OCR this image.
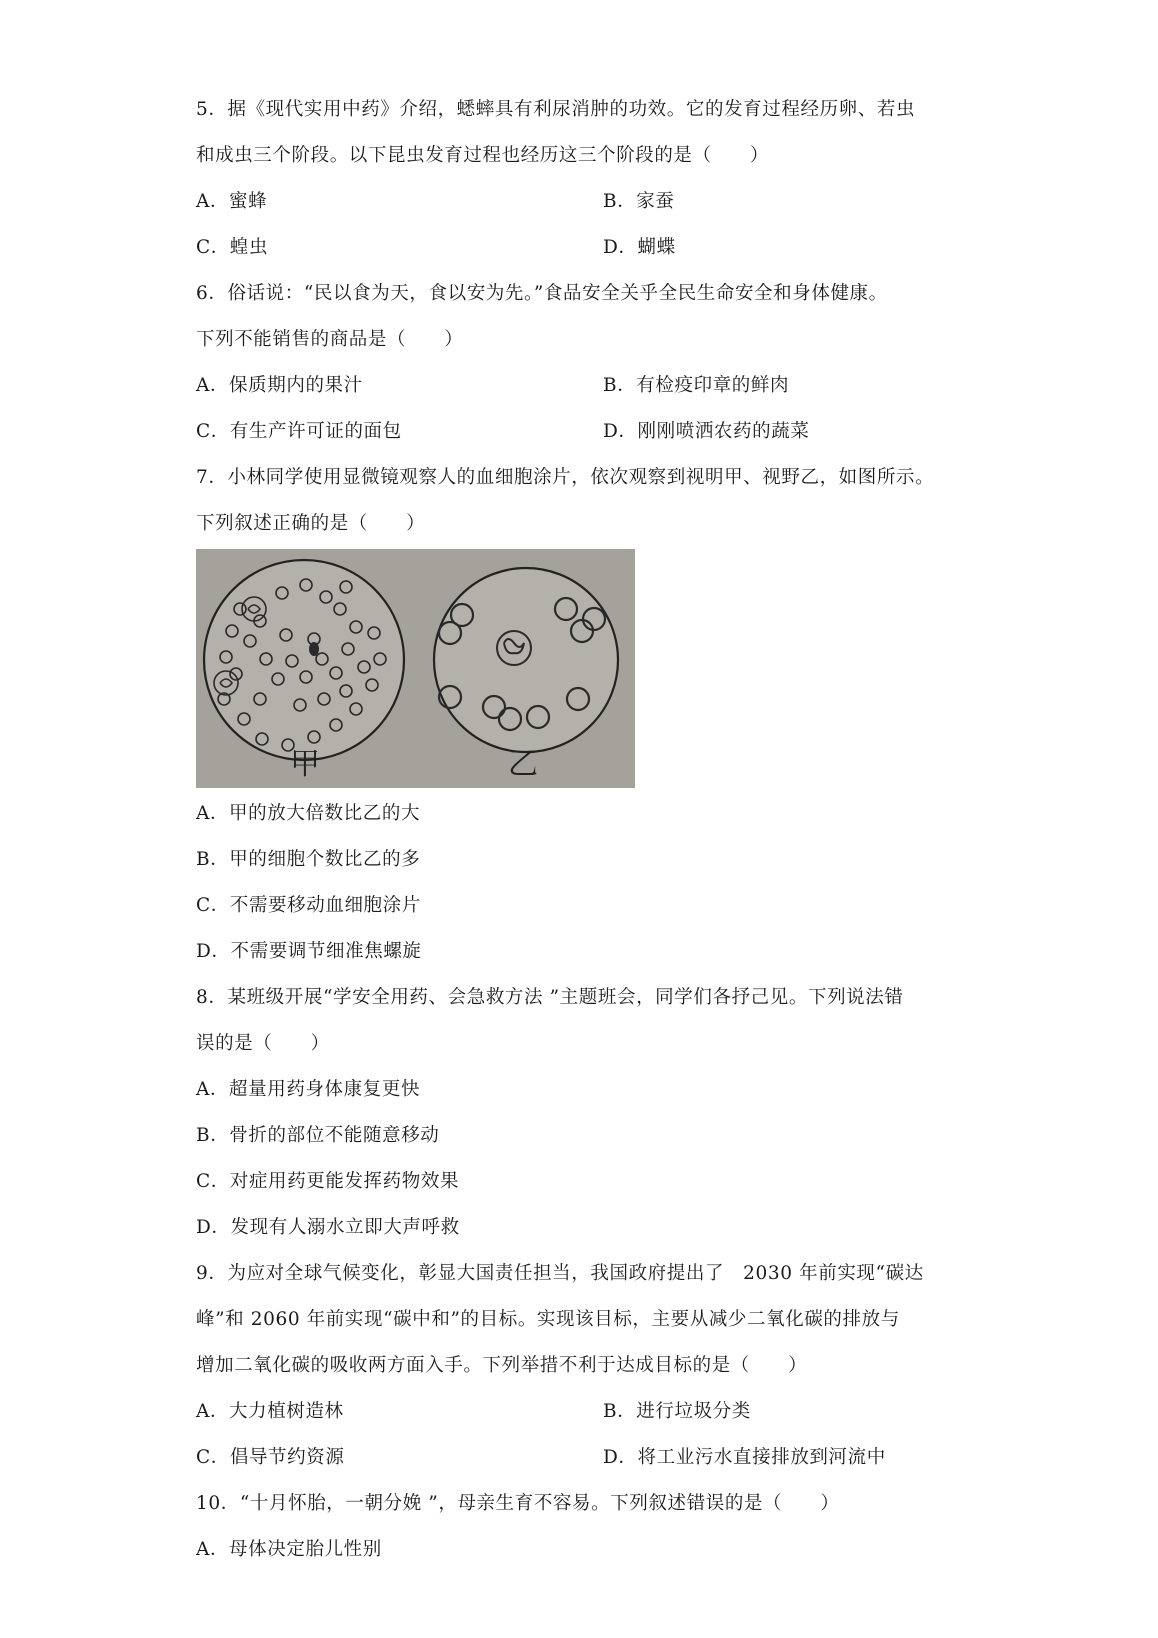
5．据《现代实用中药》介绍，蟋蟀具有利尿消肿的功效。它的发育过程经历卵、若虫
和成虫三个阶段。以下昆虫发育过程也经历这三个阶段的是（　　）
A．蜜蜂	B．家蚕
C．蝗虫	D．蝴蝶
6．俗话说：“民以食为天，食以安为先。”食品安全关乎全民生命安全和身体健康。
下列不能销售的商品是（　　）
A．保质期内的果汁	B．有检疫印章的鲜肉
C．有生产许可证的面包	D．刚刚喷洒农药的蔬菜
7．小林同学使用显微镜观察人的血细胞涂片，依次观察到视明甲、视野乙，如图所示。
下列叙述正确的是（　　）
甲	乙
A．甲的放大倍数比乙的大
B．甲的细胞个数比乙的多
C．不需要移动血细胞涂片
D．不需要调节细准焦螺旋
8．某班级开展“学安全用药、会急救方法 ”主题班会，同学们各抒己见。下列说法错
误的是（　　）
A．超量用药身体康复更快
B．骨折的部位不能随意移动
C．对症用药更能发挥药物效果
D．发现有人溺水立即大声呼救
9．为应对全球气候变化，彰显大国责任担当，我国政府提出了　2030 年前实现“碳达
峰”和 2060 年前实现“碳中和”的目标。实现该目标，主要从减少二氧化碳的排放与
增加二氧化碳的吸收两方面入手。下列举措不利于达成目标的是（　　）
A．大力植树造林	B．进行垃圾分类
C．倡导节约资源	D．将工业污水直接排放到河流中
10．“十月怀胎，一朝分娩 ”，母亲生育不容易。下列叙述错误的是（　　）
A．母体决定胎儿性别
